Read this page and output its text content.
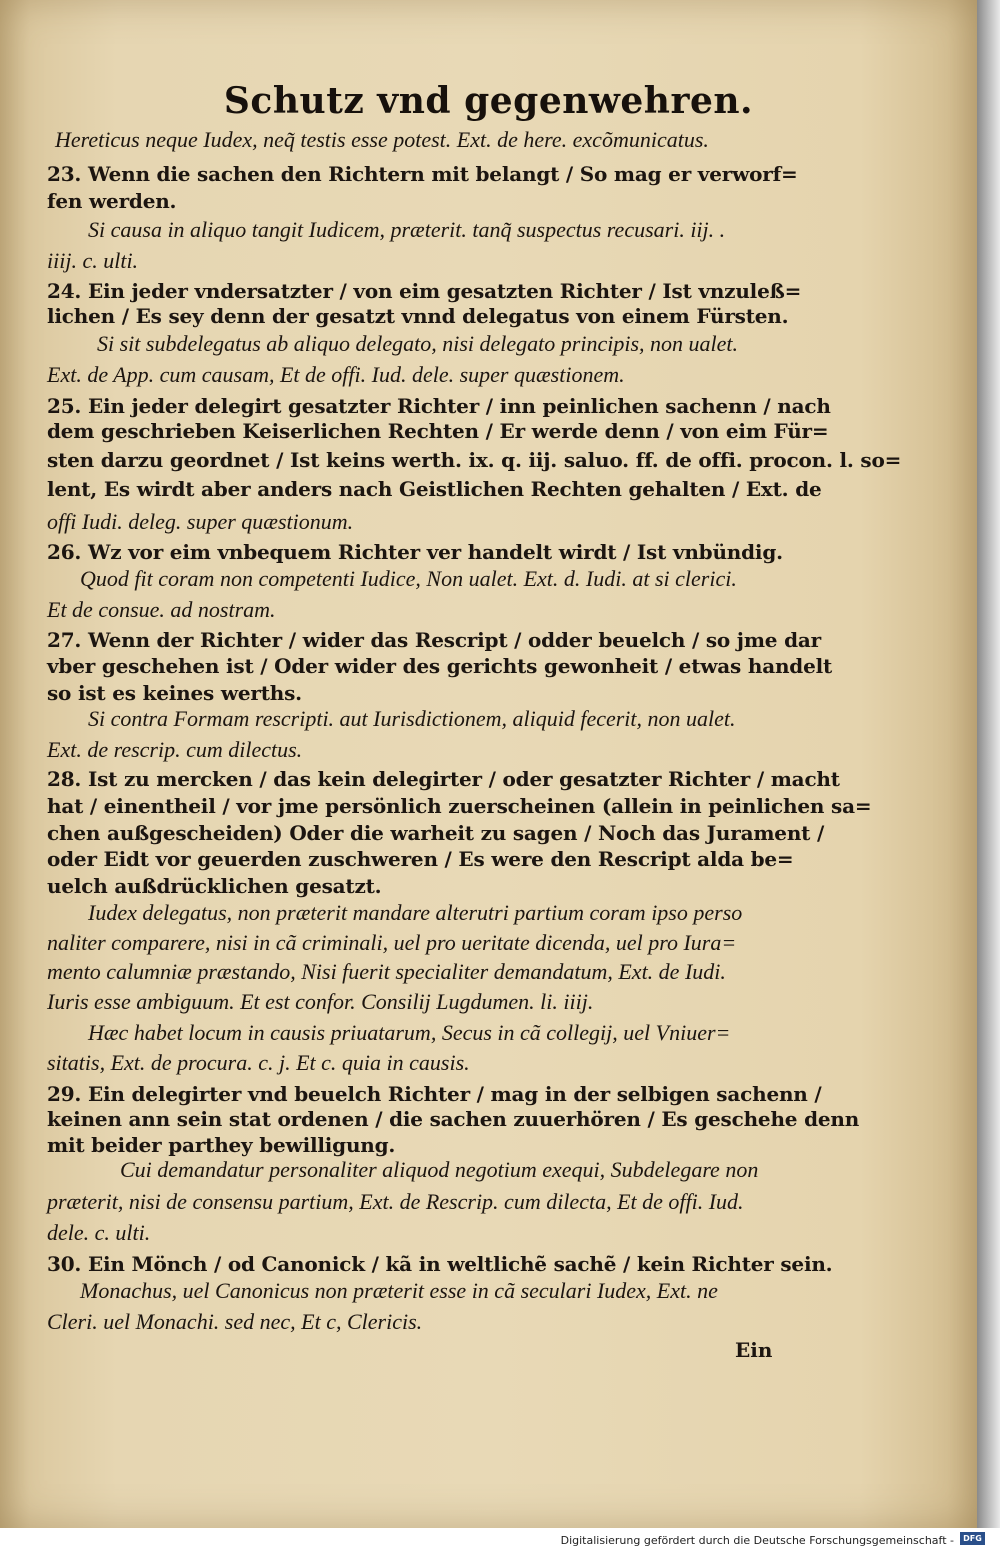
Schutz vnd gegenwehren.
Hereticus neque Iudex, neq̃ testis esse potest. Ext. de here. excõmunicatus.
23. Wenn die sachen den Richtern mit belangt / So mag er verworf=
fen werden.
Si causa in aliquo tangit Iudicem, præterit. tanq̃ suspectus recusari. iij. .
iiij. c. ulti.
24. Ein jeder vndersatzter / von eim gesatzten Richter / Ist vnzuleß=
lichen / Es sey denn der gesatzt vnnd delegatus von einem Fürsten.
Si sit subdelegatus ab aliquo delegato, nisi delegato principis, non ualet.
Ext. de App. cum causam, Et de offi. Iud. dele. super quæstionem.
25. Ein jeder delegirt gesatzter Richter / inn peinlichen sachenn / nach
dem geschrieben Keiserlichen Rechten / Er werde denn / von eim Für=
sten darzu geordnet / Ist keins werth. ix. q. iij. saluo. ff. de offi. procon. l. so=
lent, Es wirdt aber anders nach Geistlichen Rechten gehalten / Ext. de
offi Iudi. deleg. super quæstionum.
26. Wz vor eim vnbequem Richter ver handelt wirdt / Ist vnbündig.
Quod fit coram non competenti Iudice, Non ualet. Ext. d. Iudi. at si clerici.
Et de consue. ad nostram.
27. Wenn der Richter / wider das Rescript / odder beuelch / so jme dar
vber geschehen ist / Oder wider des gerichts gewonheit / etwas handelt
so ist es keines werths.
Si contra Formam rescripti. aut Iurisdictionem, aliquid fecerit, non ualet.
Ext. de rescrip. cum dilectus.
28. Ist zu mercken / das kein delegirter / oder gesatzter Richter / macht
hat / einentheil / vor jme persönlich zuerscheinen (allein in peinlichen sa=
chen außgescheiden) Oder die warheit zu sagen / Noch das Jurament /
oder Eidt vor geuerden zuschweren / Es were den Rescript alda be=
uelch außdrücklichen gesatzt.
Iudex delegatus, non præterit mandare alterutri partium coram ipso perso
naliter comparere, nisi in cã criminali, uel pro ueritate dicenda, uel pro Iura=
mento calumniæ præstando, Nisi fuerit specialiter demandatum, Ext. de Iudi.
Iuris esse ambiguum. Et est confor. Consilij Lugdumen. li. iiij.
Hæc habet locum in causis priuatarum, Secus in cã collegij, uel Vniuer=
sitatis, Ext. de procura. c. j. Et c. quia in causis.
29. Ein delegirter vnd beuelch Richter / mag in der selbigen sachenn /
keinen ann sein stat ordenen / die sachen zuuerhören / Es geschehe denn
mit beider parthey bewilligung.
Cui demandatur personaliter aliquod negotium exequi, Subdelegare non
præterit, nisi de consensu partium, Ext. de Rescrip. cum dilecta, Et de offi. Iud.
dele. c. ulti.
30. Ein Mönch / od Canonick / kã in weltlichẽ sachẽ / kein Richter sein.
Monachus, uel Canonicus non præterit esse in cã seculari Iudex, Ext. ne
Cleri. uel Monachi. sed nec, Et c, Clericis.
Ein
Digitalisierung gefördert durch die Deutsche Forschungsgemeinschaft -	DFG
